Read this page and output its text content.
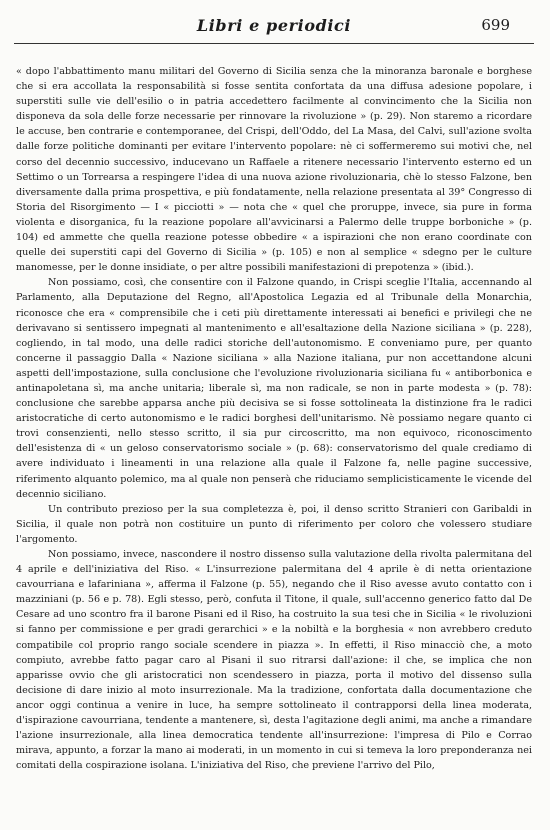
Libri e periodici	699

« dopo l'abbattimento manu militari del Governo di Sicilia senza che la minoranza baronale e borghese che si era accollata la responsabilità si fosse sentita confortata da una diffusa adesione popolare, i superstiti sulle vie dell'esilio o in patria accedettero facilmente al convincimento che la Sicilia non disponeva da sola delle forze necessarie per rinnovare la rivoluzione » (p. 29). Non staremo a ricordare le accuse, ben contrarie e contemporanee, del Crispi, dell'Oddo, del La Masa, del Calvi, sull'azione svolta dalle forze politiche dominanti per evitare l'intervento popolare: nè ci soffermeremo sui motivi che, nel corso del decennio successivo, inducevano un Raffaele a ritenere necessario l'intervento esterno ed un Settimo o un Torrearsa a respingere l'idea di una nuova azione rivoluzionaria, chè lo stesso Falzone, ben diversamente dalla prima prospettiva, e più fondatamente, nella relazione presentata al 39° Congresso di Storia del Risorgimento — I « picciotti » — nota che « quel che proruppe, invece, sia pure in forma violenta e disorganica, fu la reazione popolare all'avvicinarsi a Palermo delle truppe borboniche » (p. 104) ed ammette che quella reazione potesse obbedire « a ispirazioni che non erano coordinate con quelle dei superstiti capi del Governo di Sicilia » (p. 105) e non al semplice « sdegno per le culture manomesse, per le donne insidiate, o per altre possibili manifestazioni di prepotenza » (ibid.).

Non possiamo, così, che consentire con il Falzone quando, in Crispi sceglie l'Italia, accennando al Parlamento, alla Deputazione del Regno, all'Apostolica Legazia ed al Tribunale della Monarchia, riconosce che era « comprensibile che i ceti più direttamente interessati ai benefici e privilegi che ne derivavano si sentissero impegnati al mantenimento e all'esaltazione della Nazione siciliana » (p. 228), cogliendo, in tal modo, una delle radici storiche dell'autonomismo. E conveniamo pure, per quanto concerne il passaggio Dalla « Nazione siciliana » alla Nazione italiana, pur non accettandone alcuni aspetti dell'impostazione, sulla conclusione che l'evoluzione rivoluzionaria siciliana fu « antiborbonica e antinapoletana sì, ma anche unitaria; liberale sì, ma non radicale, se non in parte modesta » (p. 78): conclusione che sarebbe apparsa anche più decisiva se si fosse sottolineata la distinzione fra le radici aristocratiche di certo autonomismo e le radici borghesi dell'unitarismo. Nè possiamo negare quanto ci trovi consenzienti, nello stesso scritto, il sia pur circoscritto, ma non equivoco, riconoscimento dell'esistenza di « un geloso conservatorismo sociale » (p. 68): conservatorismo del quale crediamo di avere individuato i lineamenti in una relazione alla quale il Falzone fa, nelle pagine successive, riferimento alquanto polemico, ma al quale non penserà che riduciamo semplicisticamente le vicende del decennio siciliano.

Un contributo prezioso per la sua completezza è, poi, il denso scritto Stranieri con Garibaldi in Sicilia, il quale non potrà non costituire un punto di riferimento per coloro che volessero studiare l'argomento.

Non possiamo, invece, nascondere il nostro dissenso sulla valutazione della rivolta palermitana del 4 aprile e dell'iniziativa del Riso. « L'insurrezione palermitana del 4 aprile è di netta orientazione cavourriana e lafariniana », afferma il Falzone (p. 55), negando che il Riso avesse avuto contatto con i mazziniani (p. 56 e p. 78). Egli stesso, però, confuta il Titone, il quale, sull'accenno generico fatto dal De Cesare ad uno scontro fra il barone Pisani ed il Riso, ha costruito la sua tesi che in Sicilia « le rivoluzioni si fanno per commissione e per gradi gerarchici » e la nobiltà e la borghesia « non avrebbero creduto compatibile col proprio rango sociale scendere in piazza ». In effetti, il Riso minacciò che, a moto compiuto, avrebbe fatto pagar caro al Pisani il suo ritrarsi dall'azione: il che, se implica che non apparisse ovvio che gli aristocratici non scendessero in piazza, porta il motivo del dissenso sulla decisione di dare inizio al moto insurrezionale. Ma la tradizione, confortata dalla documentazione che ancor oggi continua a venire in luce, ha sempre sottolineato il contrapporsi della linea moderata, d'ispirazione cavourriana, tendente a mantenere, sì, desta l'agitazione degli animi, ma anche a rimandare l'azione insurrezionale, alla linea democratica tendente all'insurrezione: l'impresa di Pilo e Corrao mirava, appunto, a forzar la mano ai moderati, in un momento in cui si temeva la loro preponderanza nei comitati della cospirazione isolana. L'iniziativa del Riso, che previene l'arrivo del Pilo,
